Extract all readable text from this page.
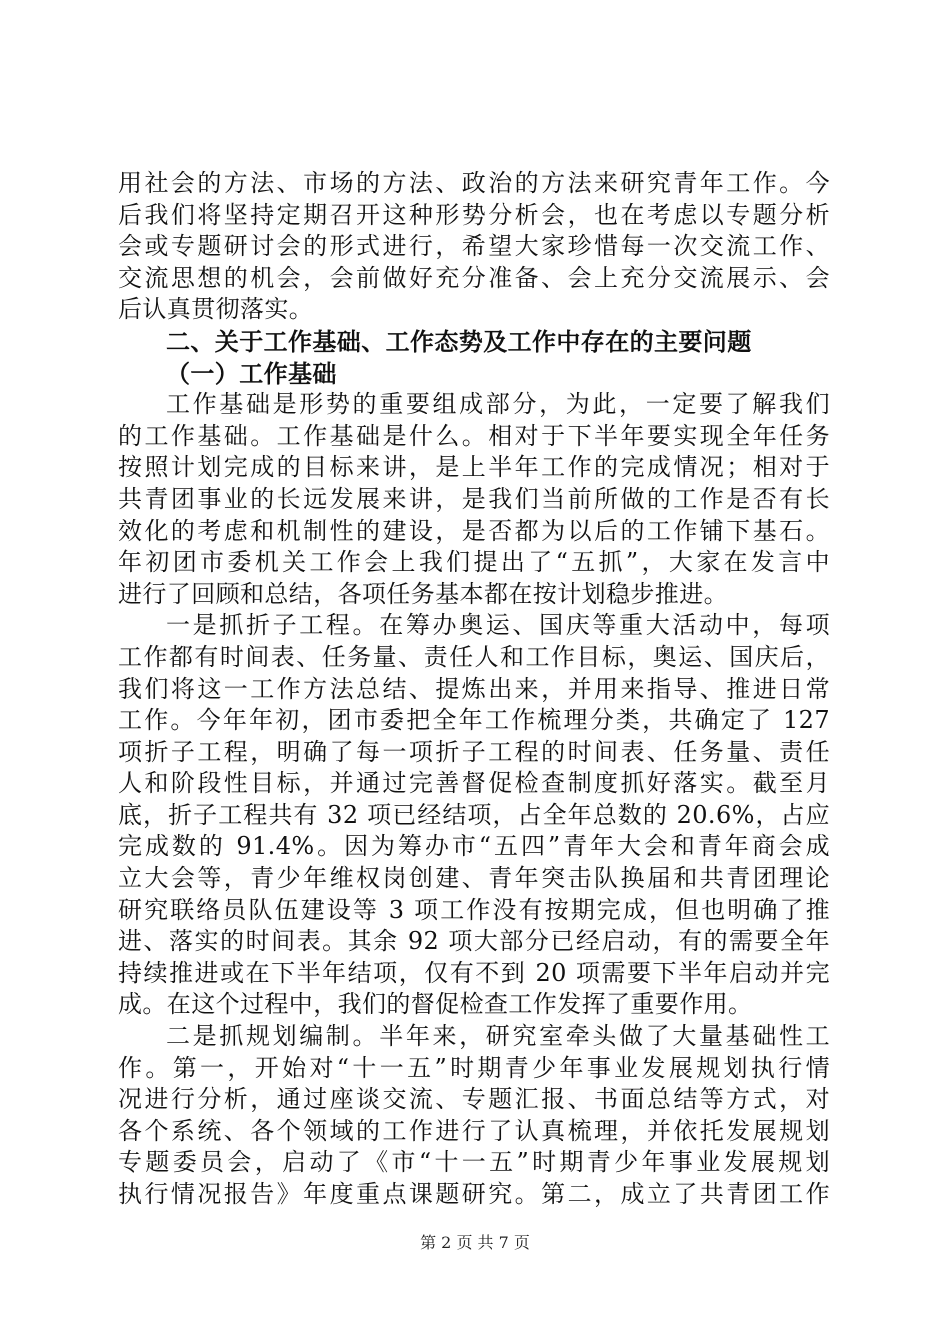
用社会的方法、市场的方法、政治的方法来研究青年工作。今
后我们将坚持定期召开这种形势分析会，也在考虑以专题分析
会或专题研讨会的形式进行，希望大家珍惜每一次交流工作、
交流思想的机会，会前做好充分准备、会上充分交流展示、会
后认真贯彻落实。
二、关于工作基础、工作态势及工作中存在的主要问题
（一）工作基础
工作基础是形势的重要组成部分，为此，一定要了解我们
的工作基础。工作基础是什么。相对于下半年要实现全年任务
按照计划完成的目标来讲，是上半年工作的完成情况；相对于
共青团事业的长远发展来讲，是我们当前所做的工作是否有长
效化的考虑和机制性的建设，是否都为以后的工作铺下基石。
年初团市委机关工作会上我们提出了“五抓”，大家在发言中
进行了回顾和总结，各项任务基本都在按计划稳步推进。
一是抓折子工程。在筹办奥运、国庆等重大活动中，每项
工作都有时间表、任务量、责任人和工作目标，奥运、国庆后，
我们将这一工作方法总结、提炼出来，并用来指导、推进日常
工作。今年年初，团市委把全年工作梳理分类，共确定了 127
项折子工程，明确了每一项折子工程的时间表、任务量、责任
人和阶段性目标，并通过完善督促检查制度抓好落实。截至月
底，折子工程共有 32 项已经结项，占全年总数的 20.6%，占应
完成数的 91.4%。因为筹办市“五四”青年大会和青年商会成
立大会等，青少年维权岗创建、青年突击队换届和共青团理论
研究联络员队伍建设等 3 项工作没有按期完成，但也明确了推
进、落实的时间表。其余 92 项大部分已经启动，有的需要全年
持续推进或在下半年结项，仅有不到 20 项需要下半年启动并完
成。在这个过程中，我们的督促检查工作发挥了重要作用。
二是抓规划编制。半年来，研究室牵头做了大量基础性工
作。第一，开始对“十一五”时期青少年事业发展规划执行情
况进行分析，通过座谈交流、专题汇报、书面总结等方式，对
各个系统、各个领域的工作进行了认真梳理，并依托发展规划
专题委员会，启动了《市“十一五”时期青少年事业发展规划
执行情况报告》年度重点课题研究。第二，成立了共青团工作
第 2 页 共 7 页
